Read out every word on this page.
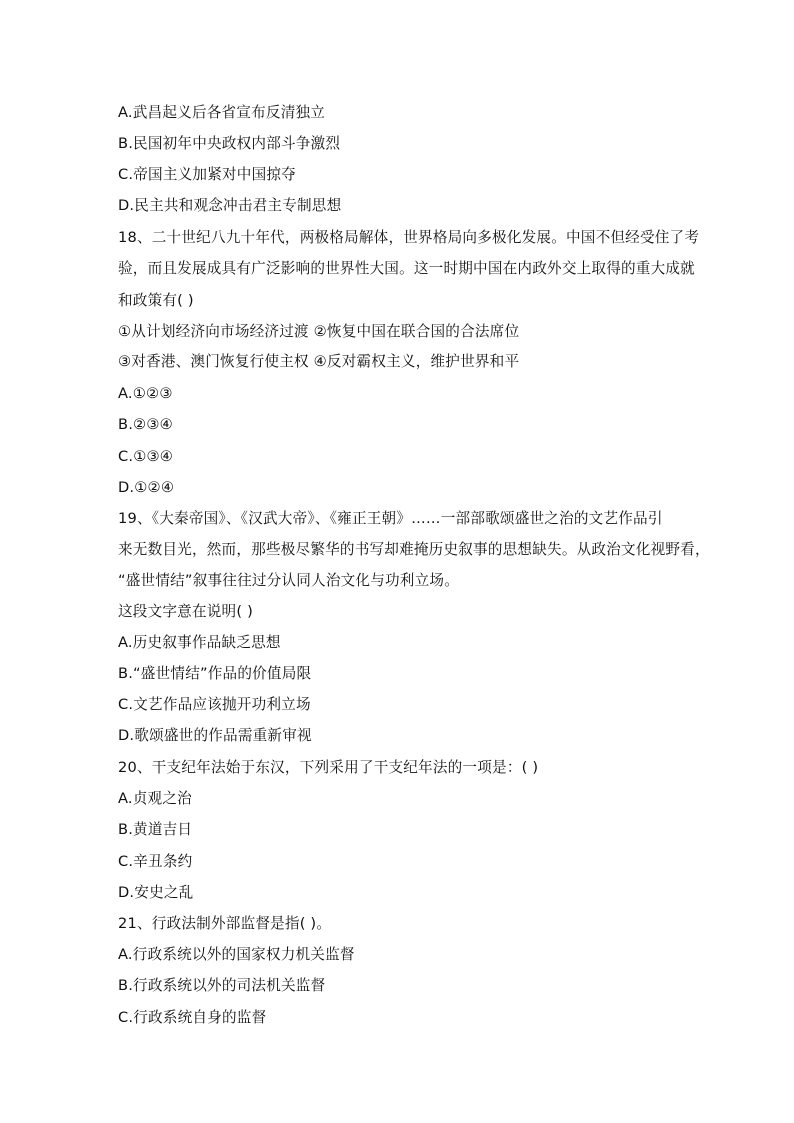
A.武昌起义后各省宣布反清独立
B.民国初年中央政权内部斗争激烈
C.帝国主义加紧对中国掠夺
D.民主共和观念冲击君主专制思想
18、二十世纪八九十年代，两极格局解体，世界格局向多极化发展。中国不但经受住了考
验，而且发展成具有广泛影响的世界性大国。这一时期中国在内政外交上取得的重大成就
和政策有( )
①从计划经济向市场经济过渡 ②恢复中国在联合国的合法席位
③对香港、澳门恢复行使主权 ④反对霸权主义，维护世界和平
A.①②③
B.②③④
C.①③④
D.①②④
19、《大秦帝国》、《汉武大帝》、《雍正王朝》……一部部歌颂盛世之治的文艺作品引
来无数目光，然而，那些极尽繁华的书写却难掩历史叙事的思想缺失。从政治文化视野看，
“盛世情结”叙事往往过分认同人治文化与功利立场。
这段文字意在说明( )
A.历史叙事作品缺乏思想
B.“盛世情结”作品的价值局限
C.文艺作品应该抛开功利立场
D.歌颂盛世的作品需重新审视
20、干支纪年法始于东汉，下列采用了干支纪年法的一项是：( )
A.贞观之治
B.黄道吉日
C.辛丑条约
D.安史之乱
21、行政法制外部监督是指( )。
A.行政系统以外的国家权力机关监督
B.行政系统以外的司法机关监督
C.行政系统自身的监督
